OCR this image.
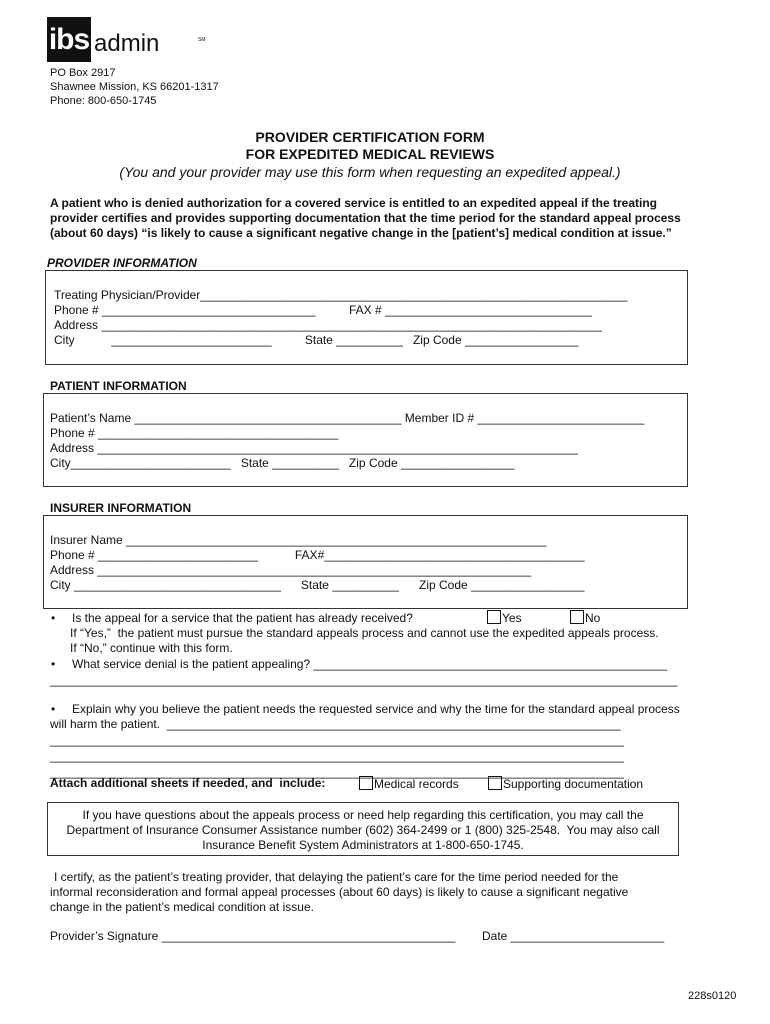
ibs admin	SM
PO Box 2917
Shawnee Mission, KS 66201-1317
Phone: 800-650-1745
PROVIDER CERTIFICATION FORM
FOR EXPEDITED MEDICAL REVIEWS
(You and your provider may use this form when requesting an expedited appeal.)
A patient who is denied authorization for a covered service is entitled to an expedited appeal if the treating
provider certifies and provides supporting documentation that the time period for the standard appeal process
(about 60 days) “is likely to cause a significant negative change in the [patient’s] medical condition at issue.”
PROVIDER INFORMATION
Treating Physician/Provider________________________________________________________________
Phone # ________________________________          FAX # _______________________________
Address ___________________________________________________________________________
City           ________________________          State __________   Zip Code _________________
PATIENT INFORMATION
Patient’s Name ________________________________________ Member ID # _________________________
Phone # ____________________________________
Address ________________________________________________________________________
City________________________   State __________   Zip Code _________________
INSURER INFORMATION
Insurer Name _______________________________________________________________
Phone # ________________________           FAX#_______________________________________
Address _________________________________________________________________
City _______________________________      State __________      Zip Code _________________
• Is the appeal for a service that the patient has already received?	Yes	No
If “Yes,”  the patient must pursue the standard appeals process and cannot use the expedited appeals process.
If “No,” continue with this form.
• What service denial is the patient appealing? _____________________________________________________
______________________________________________________________________________________________
• Explain why you believe the patient needs the requested service and why the time for the standard appeal process
will harm the patient.  ____________________________________________________________________
______________________________________________________________________________________
______________________________________________________________________________________
______________________________________________________________________________________
Attach additional sheets if needed, and  include:	Medical records	Supporting documentation
If you have questions about the appeals process or need help regarding this certification, you may call the
Department of Insurance Consumer Assistance number (602) 364-2499 or 1 (800) 325-2548.  You may also call
Insurance Benefit System Administrators at 1-800-650-1745.
I certify, as the patient’s treating provider, that delaying the patient’s care for the time period needed for the
informal reconsideration and formal appeal processes (about 60 days) is likely to cause a significant negative
change in the patient’s medical condition at issue.
Provider’s Signature ____________________________________________ Date _______________________
228s0120
